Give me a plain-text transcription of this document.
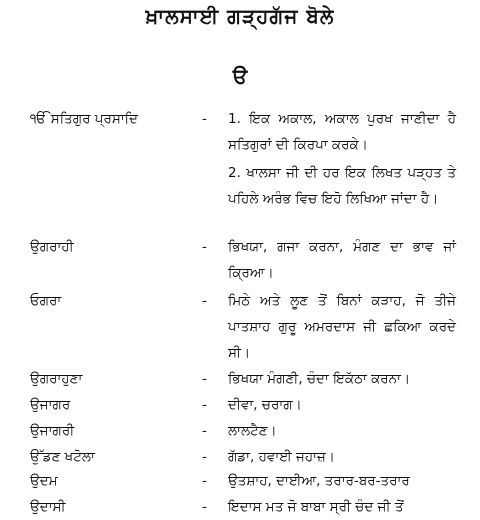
ਖ਼ਾਲਸਾਈ ਗੜ੍ਹਗੱਜ ਬੋਲੇ
ੳ
ੴ ਸਤਿਗੁਰ ਪ੍ਰਸਾਦਿ	-	1. ਇਕ ਅਕਾਲ, ਅਕਾਲ ਪੁਰਖ ਜਾਣੀਦਾ ਹੈ ਸਤਿਗੁਰਾਂ ਦੀ ਕਿਰਪਾ ਕਰਕੇ।
2. ਖਾਲਸਾ ਜੀ ਦੀ ਹਰ ਇਕ ਲਿਖਤ ਪੜ੍ਹਤ ਤੇ ਪਹਿਲੇ ਅਰੰਭ ਵਿਚ ਇਹੋ ਲਿਖਿਆ ਜਾਂਦਾ ਹੈ।
ਉਗਰਾਹੀ	-	ਭਿਖਯਾ, ਗਜਾ ਕਰਨਾ, ਮੰਗਣ ਦਾ ਭਾਵ ਜਾਂ ਕ੍ਰਿਆ।
ਓਗਰਾ	-	ਮਿਠੇ ਅਤੇ ਲੂਣ ਤੋਂ ਬਿਨਾਂ ਕੜਾਹ, ਜੋ ਤੀਜੇ ਪਾਤਸ਼ਾਹ ਗੁਰੂ ਅਮਰਦਾਸ ਜੀ ਛਕਿਆ ਕਰਦੇ ਸੀ।
ਉਗਰਾਹੁਣਾ	-	ਭਿਖਯਾ ਮੰਗਣੀ, ਚੰਦਾ ਇਕੱਠਾ ਕਰਨਾ।
ਉਜਾਗਰ	-	ਦੀਵਾ, ਚਰਾਗ।
ਉਜਾਗਰੀ	-	ਲਾਲਟੈਣ।
ਉੱਡਣ ਖਟੋਲਾ	-	ਗੱਡਾ, ਹਵਾਈ ਜਹਾਜ਼।
ਉਦਮ	-	ਉਤਸ਼ਾਹ, ਦਾਈਆ, ਤਰਾਰ-ਬਰ-ਤਰਾਰ
ਉਦਾਸੀ	-	ਇਦਾਸ ਮਤ ਜੋ ਬਾਬਾ ਸ੍ਰੀ ਚੰਦ ਜੀ ਤੋਂ
